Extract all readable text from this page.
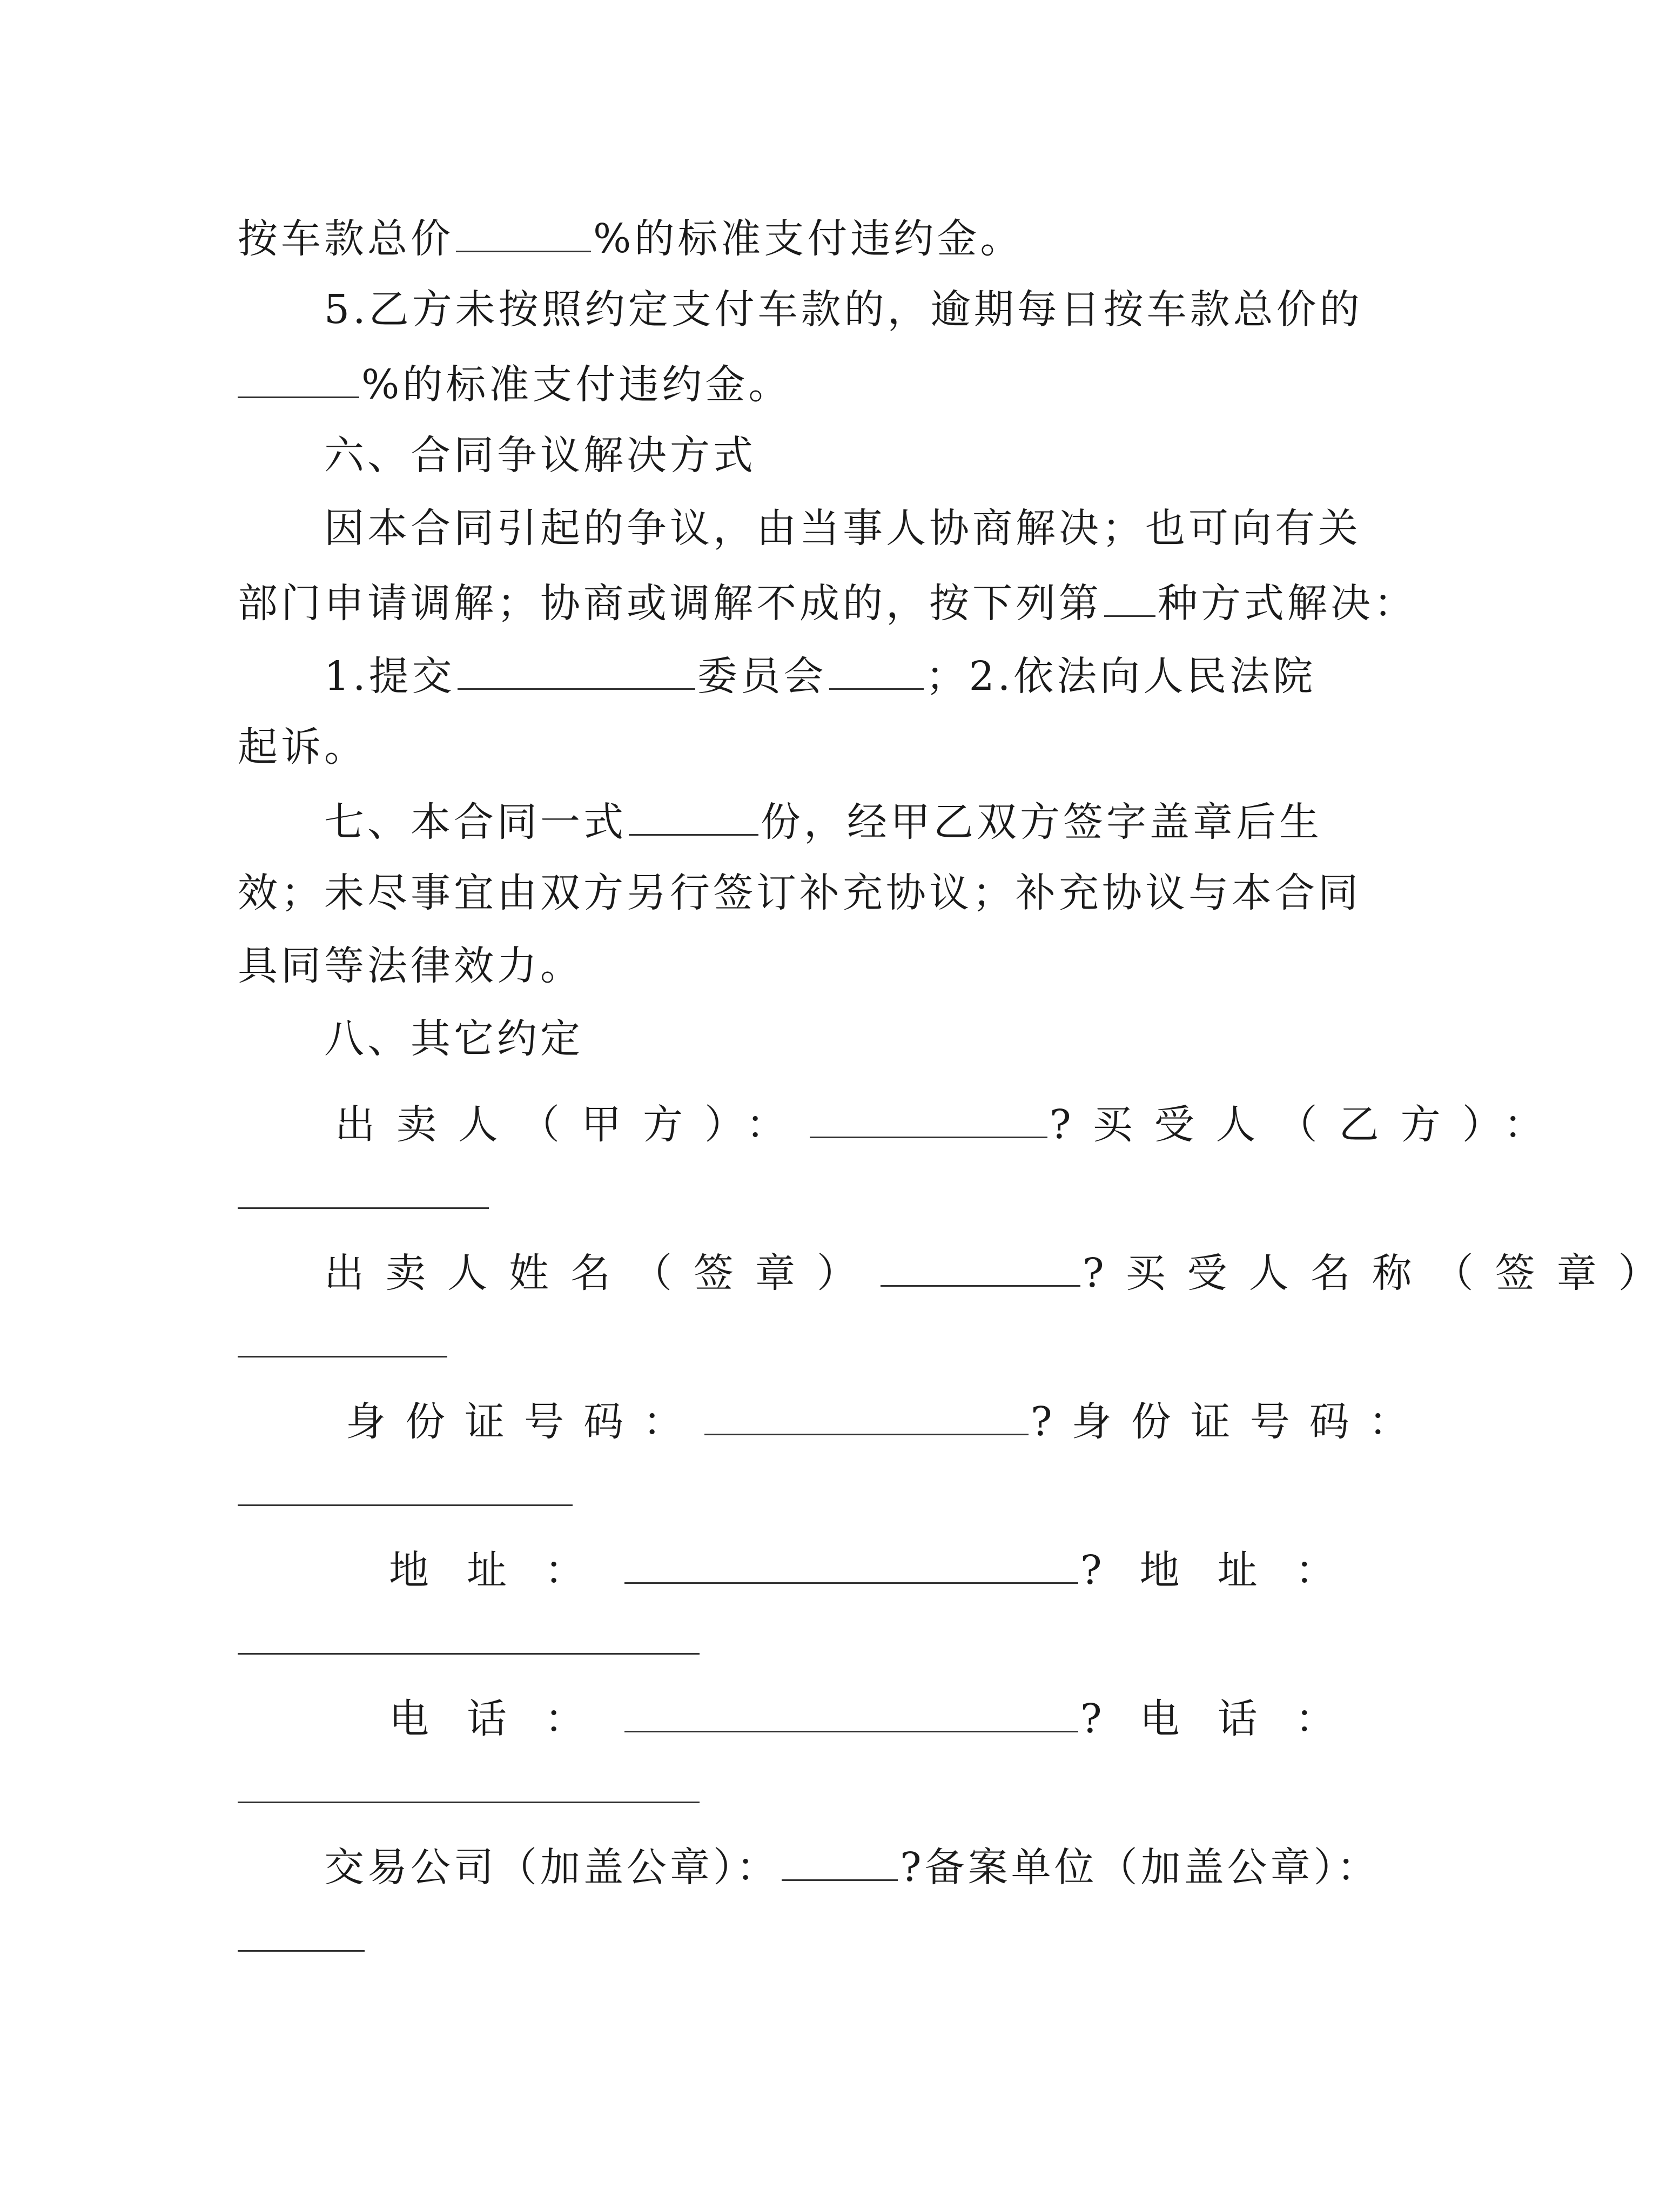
按车款总价	%的标准支付违约金。
5.乙方未按照约定支付车款的，逾期每日按车款总价的
%的标准支付违约金。
六、合同争议解决方式
因本合同引起的争议，由当事人协商解决；也可向有关
部门申请调解；协商或调解不成的，按下列第 种方式解决：
1.提交	委员会 ；2.依法向人民法院
起诉。
七、本合同一式	份，经甲乙双方签字盖章后生
效；未尽事宜由双方另行签订补充协议；补充协议与本合同
具同等法律效力。
八、其它约定
出卖人（甲方）：	?买受人（乙方）：
出卖人姓名（签章）	?买受人名称（签章）
身份证号码：	?身份证号码：
地址：	?地址：
电话：	?电话：
交易公司（加盖公章）：	?备案单位（加盖公章）：
